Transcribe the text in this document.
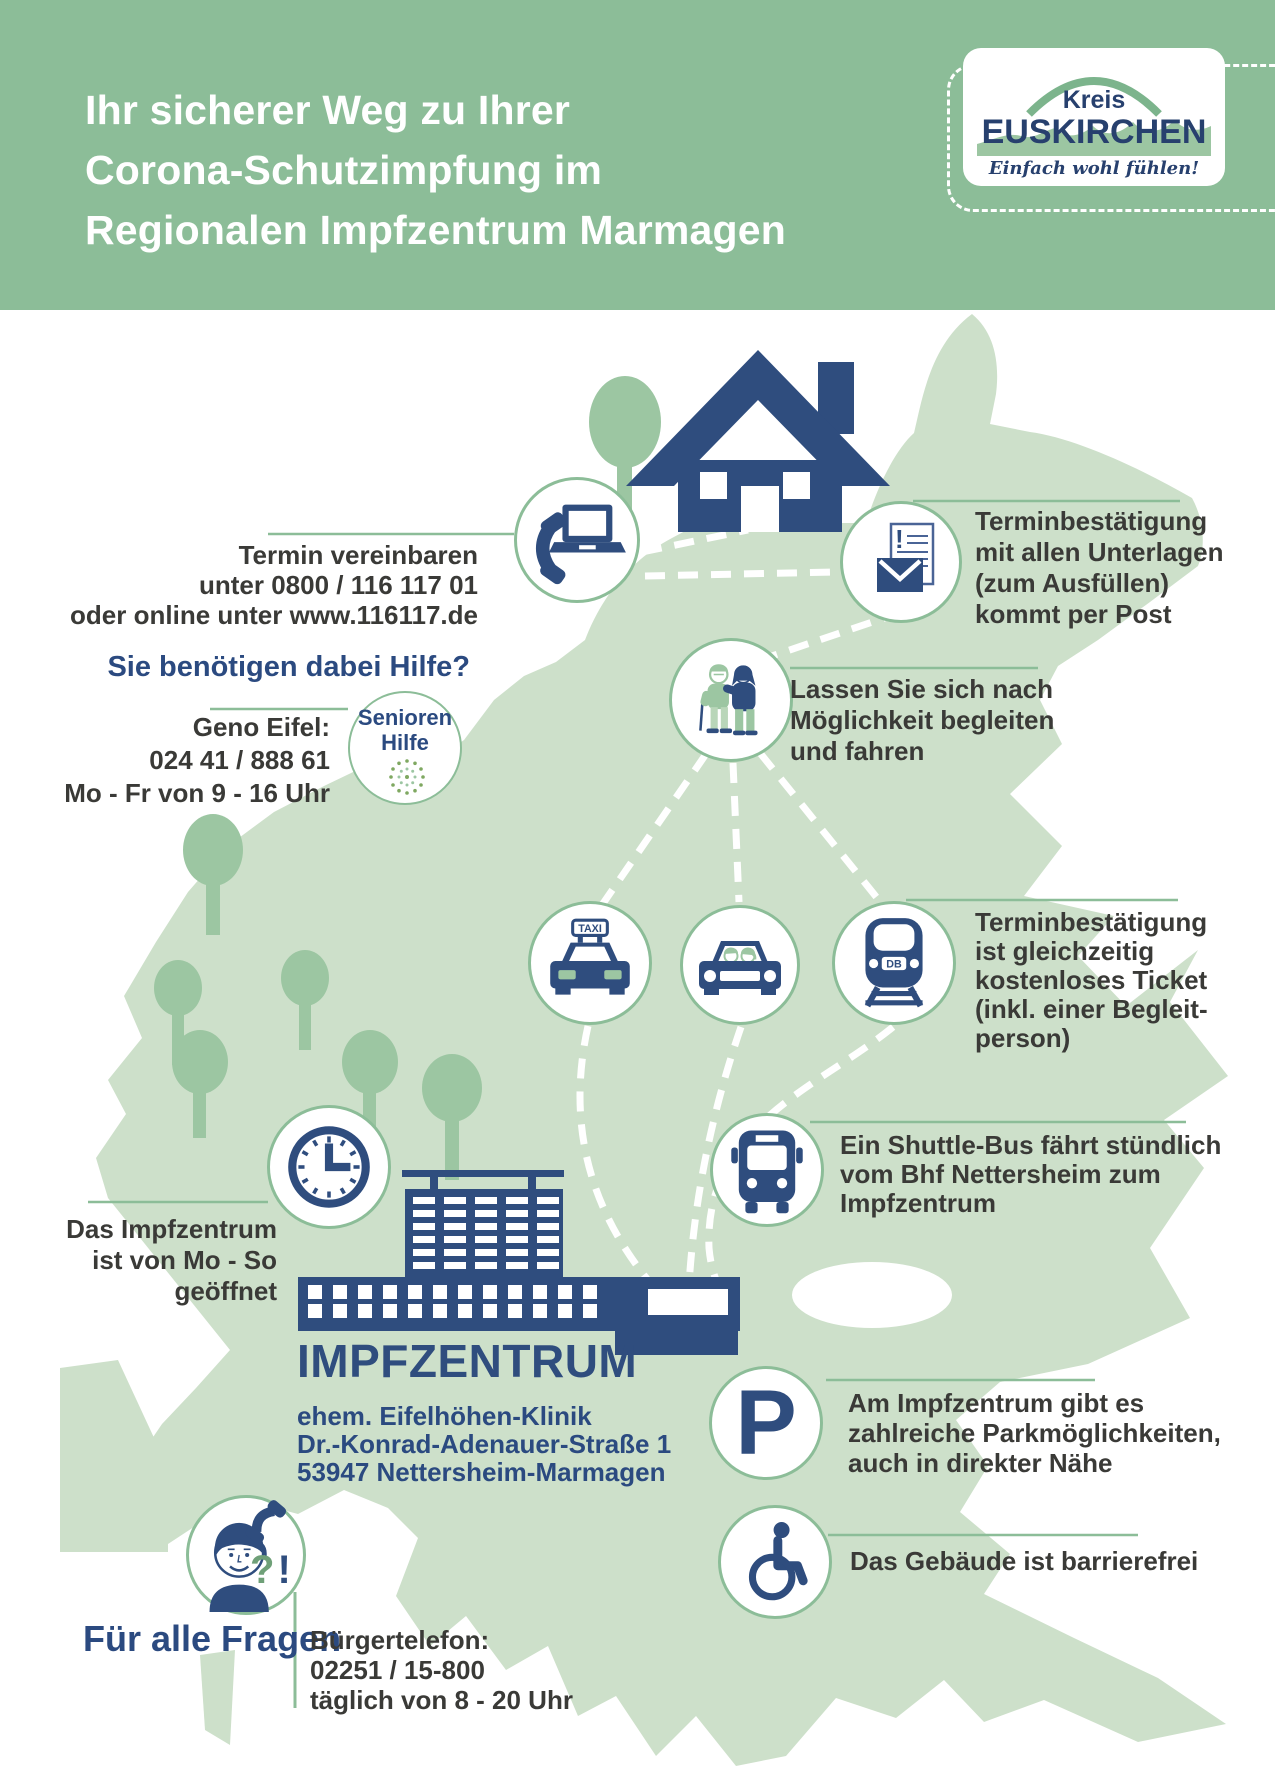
Ihr sicherer Weg zu Ihrer
Corona-Schutzimpfung im
Regionalen Impfzentrum Marmagen
Kreis
EUSKIRCHEN
Einfach wohl fühlen!
!
TAXI
DB
P
Senioren
Hilfe
?!
Termin vereinbaren
unter 0800 / 116 117 01
oder online unter www.116117.de
Sie benötigen dabei Hilfe?
Geno Eifel:
024 41 / 888 61
Mo - Fr von 9 - 16 Uhr
Terminbestätigung
mit allen Unterlagen
(zum Ausfüllen)
kommt per Post
Lassen Sie sich nach
Möglichkeit begleiten
und fahren
Terminbestätigung
ist gleichzeitig
kostenloses Ticket
(inkl. einer Begleit-
person)
Ein Shuttle-Bus fährt stündlich
vom Bhf Nettersheim zum
Impfzentrum
Das Impfzentrum
ist von Mo - So
geöffnet
IMPFZENTRUM
ehem. Eifelhöhen-Klinik
Dr.-Konrad-Adenauer-Straße 1
53947 Nettersheim-Marmagen
Am Impfzentrum gibt es
zahlreiche Parkmöglichkeiten,
auch in direkter Nähe
Das Gebäude ist barrierefrei
Für alle Fragen
Bürgertelefon:
02251 / 15-800
täglich von 8 - 20 Uhr
